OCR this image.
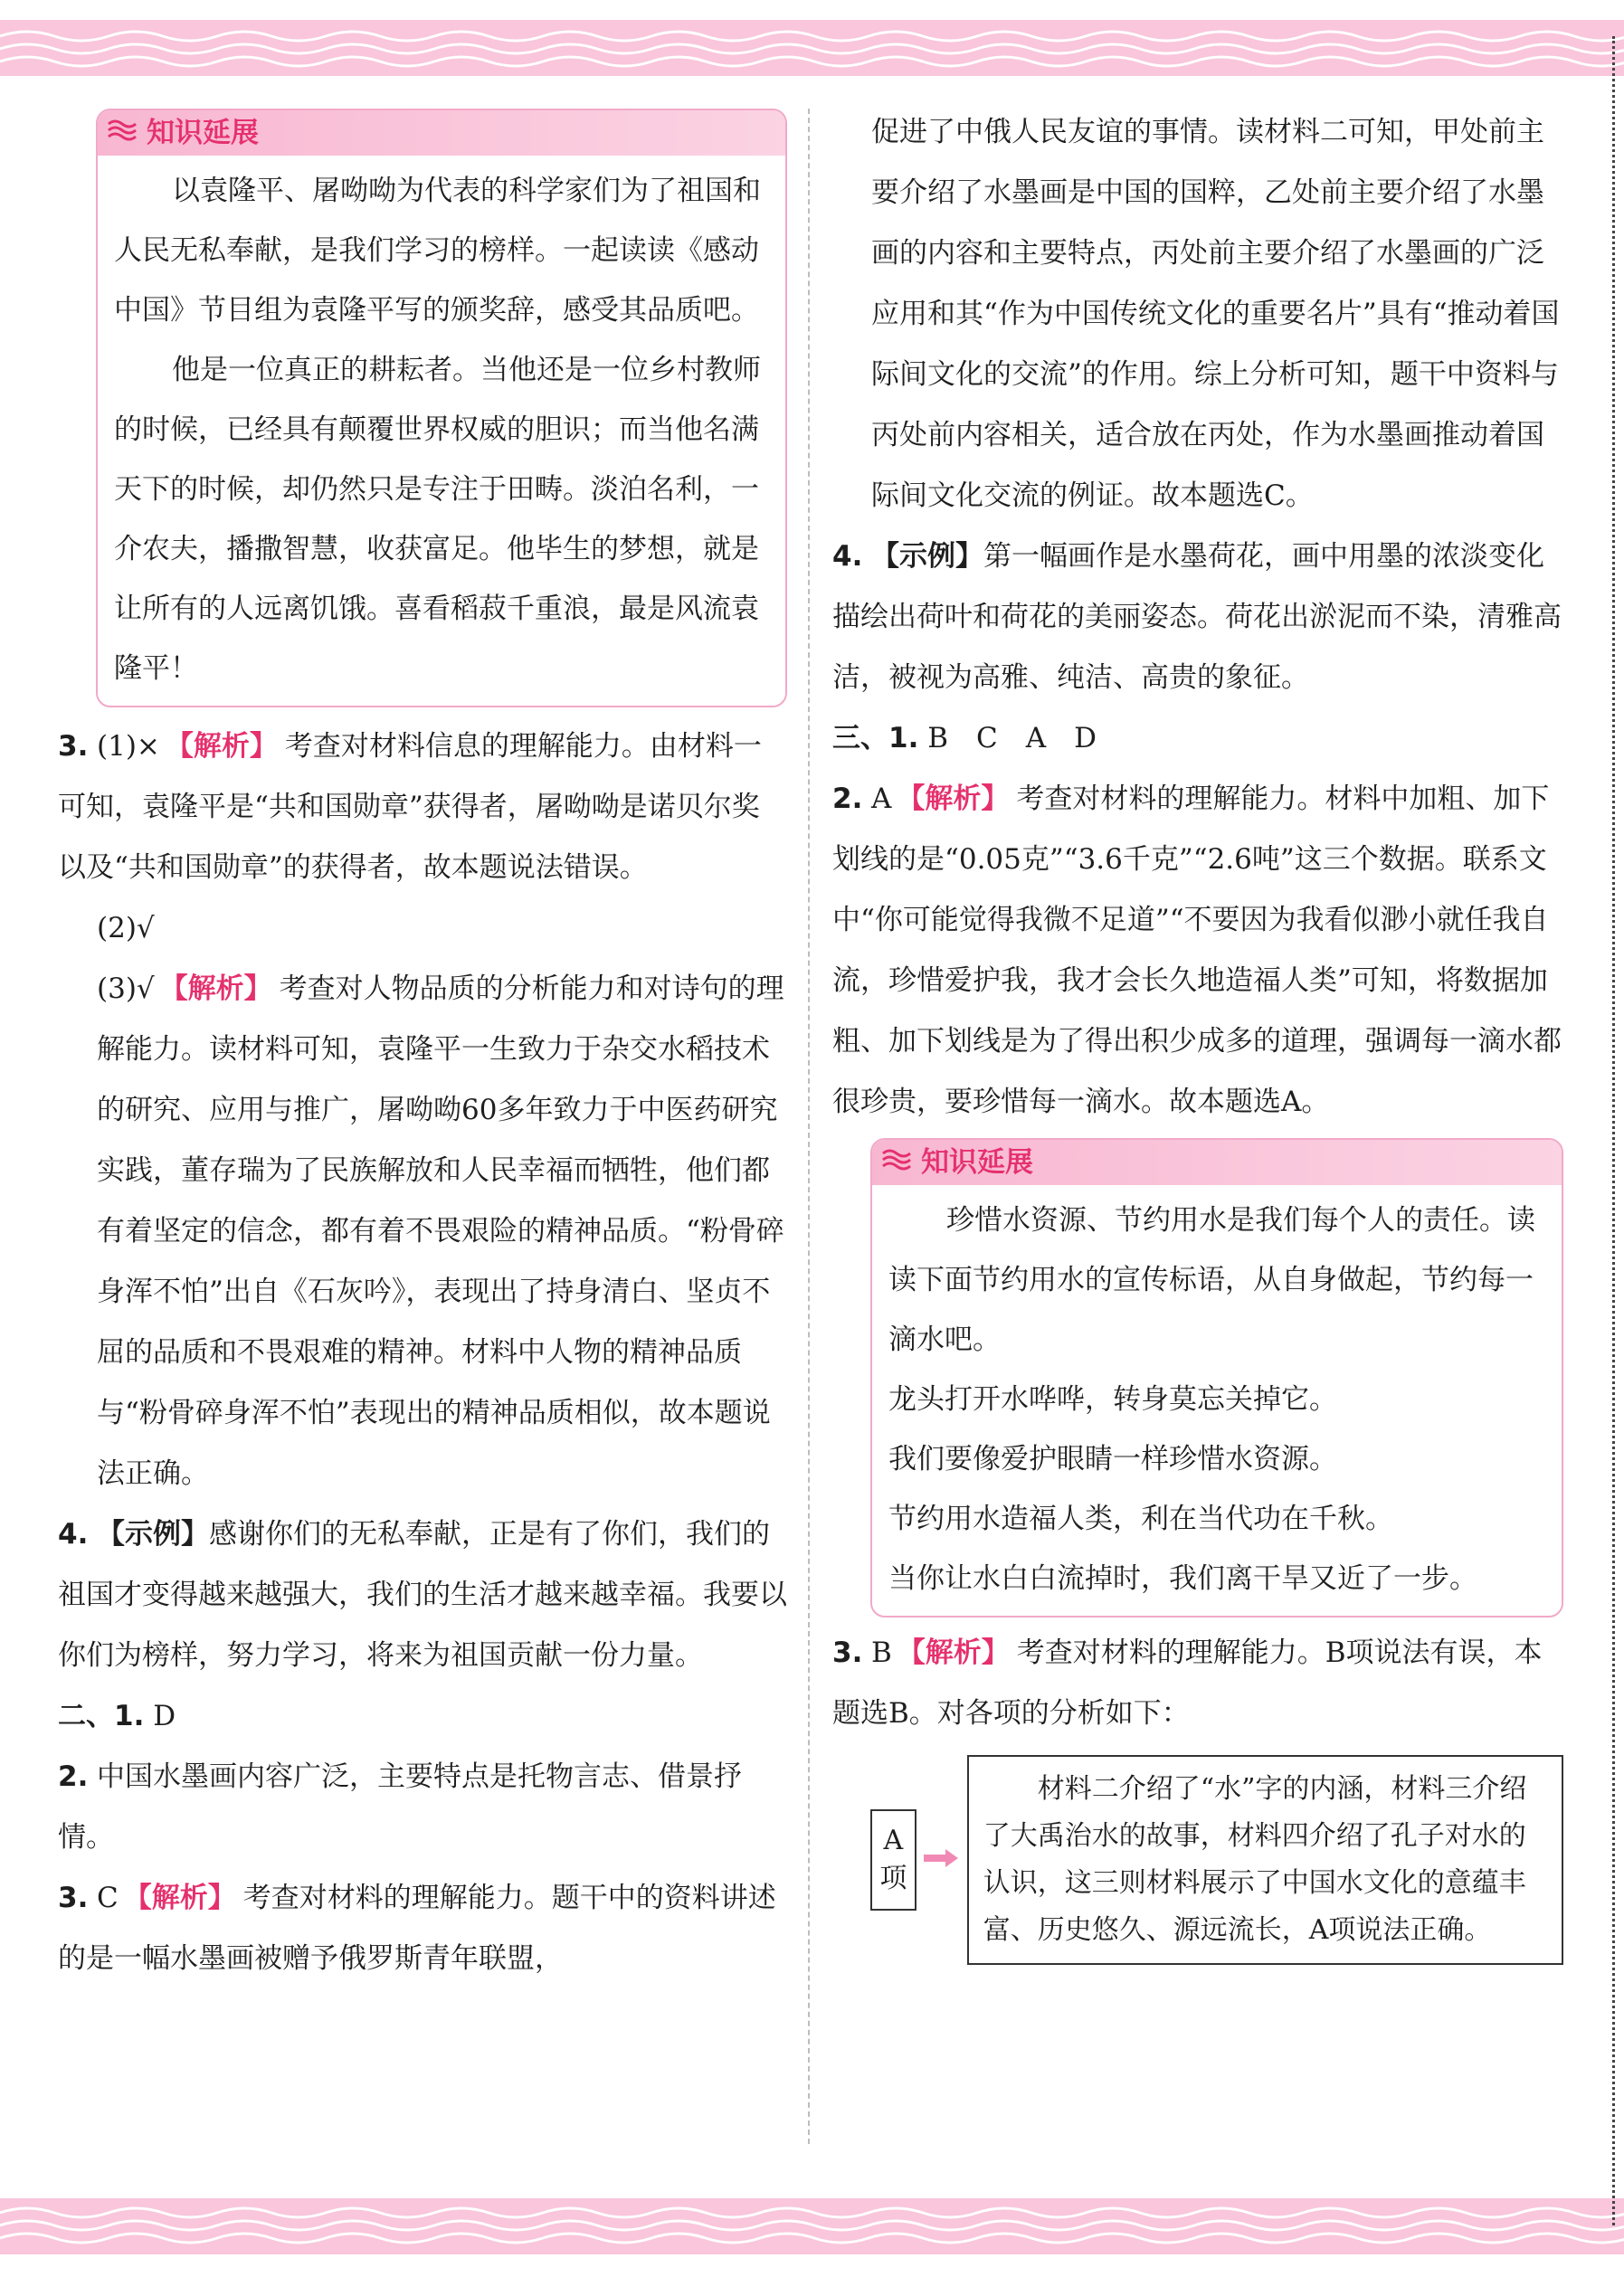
知识延展

以袁隆平、屠呦呦为代表的科学家们为了祖国和人民无私奉献，是我们学习的榜样。一起读读《感动中国》节目组为袁隆平写的颁奖辞，感受其品质吧。

他是一位真正的耕耘者。当他还是一位乡村教师的时候，已经具有颠覆世界权威的胆识；而当他名满天下的时候，却仍然只是专注于田畴。淡泊名利，一介农夫，播撒智慧，收获富足。他毕生的梦想，就是让所有的人远离饥饿。喜看稻菽千重浪，最是风流袁隆平！

3. (1)× 【解析】 考查对材料信息的理解能力。由材料一可知，袁隆平是“共和国勋章”获得者，屠呦呦是诺贝尔奖以及“共和国勋章”的获得者，故本题说法错误。

(2)√

(3)√ 【解析】 考查对人物品质的分析能力和对诗句的理解能力。读材料可知，袁隆平一生致力于杂交水稻技术的研究、应用与推广，屠呦呦60多年致力于中医药研究实践，董存瑞为了民族解放和人民幸福而牺牲，他们都有着坚定的信念，都有着不畏艰险的精神品质。“粉骨碎身浑不怕”出自《石灰吟》，表现出了持身清白、坚贞不屈的品质和不畏艰难的精神。材料中人物的精神品质与“粉骨碎身浑不怕”表现出的精神品质相似，故本题说法正确。

4. 【示例】感谢你们的无私奉献，正是有了你们，我们的祖国才变得越来越强大，我们的生活才越来越幸福。我要以你们为榜样，努力学习，将来为祖国贡献一份力量。

二、1. D

2. 中国水墨画内容广泛，主要特点是托物言志、借景抒情。

3. C 【解析】 考查对材料的理解能力。题干中的资料讲述的是一幅水墨画被赠予俄罗斯青年联盟，

促进了中俄人民友谊的事情。读材料二可知，甲处前主要介绍了水墨画是中国的国粹，乙处前主要介绍了水墨画的内容和主要特点，丙处前主要介绍了水墨画的广泛应用和其“作为中国传统文化的重要名片”具有“推动着国际间文化的交流”的作用。综上分析可知，题干中资料与丙处前内容相关，适合放在丙处，作为水墨画推动着国际间文化交流的例证。故本题选C。

4. 【示例】第一幅画作是水墨荷花，画中用墨的浓淡变化描绘出荷叶和荷花的美丽姿态。荷花出淤泥而不染，清雅高洁，被视为高雅、纯洁、高贵的象征。

三、1. B　C　A　D

2. A 【解析】 考查对材料的理解能力。材料中加粗、加下划线的是“0.05克”“3.6千克”“2.6吨”这三个数据。联系文中“你可能觉得我微不足道”“不要因为我看似渺小就任我自流，珍惜爱护我，我才会长久地造福人类”可知，将数据加粗、加下划线是为了得出积少成多的道理，强调每一滴水都很珍贵，要珍惜每一滴水。故本题选A。

知识延展

珍惜水资源、节约用水是我们每个人的责任。读读下面节约用水的宣传标语，从自身做起，节约每一滴水吧。

龙头打开水哗哗，转身莫忘关掉它。

我们要像爱护眼睛一样珍惜水资源。

节约用水造福人类，利在当代功在千秋。

当你让水白白流掉时，我们离干旱又近了一步。

3. B 【解析】 考查对材料的理解能力。B项说法有误，本题选B。对各项的分析如下：

A
项
材料二介绍了“水”字的内涵，材料三介绍了大禹治水的故事，材料四介绍了孔子对水的认识，这三则材料展示了中国水文化的意蕴丰富、历史悠久、源远流长，A项说法正确。
